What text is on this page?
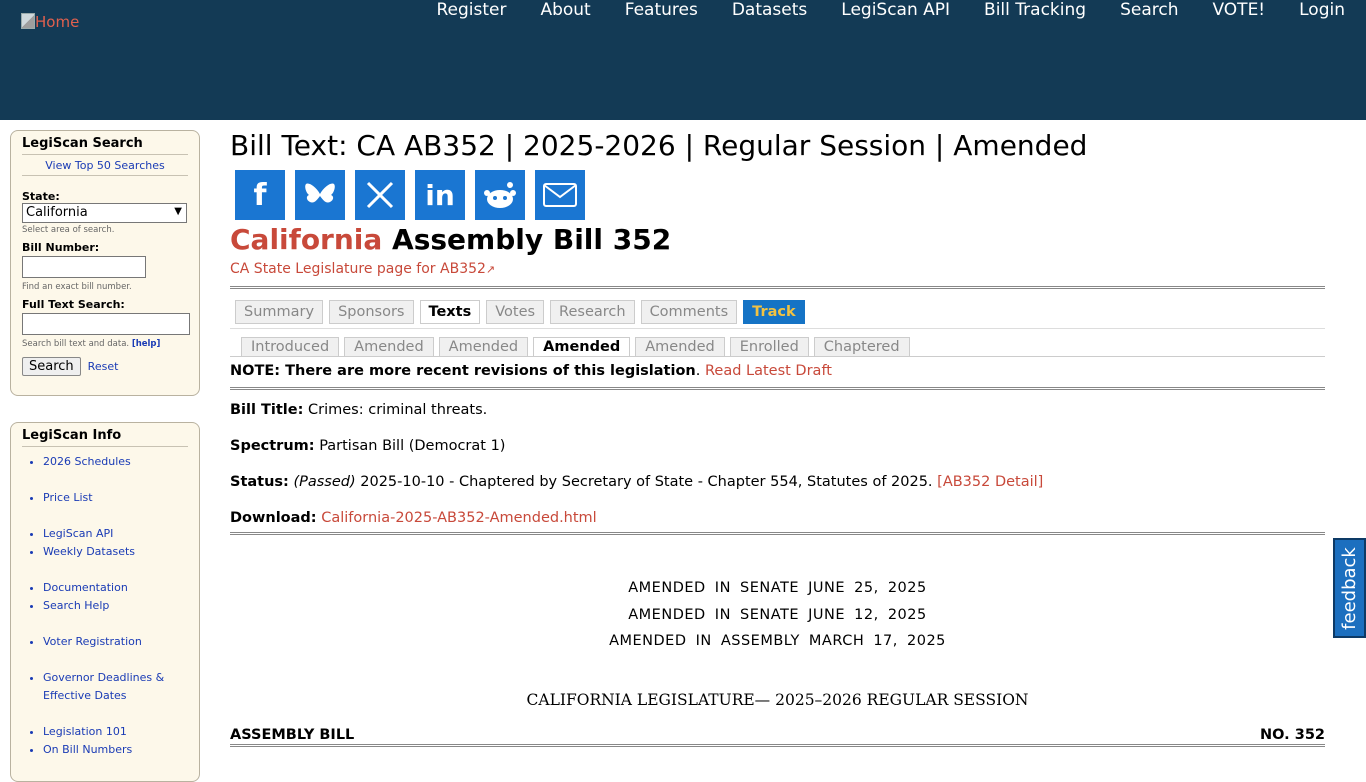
Home
Register	About	Features	Datasets	LegiScan API	Bill Tracking	Search	VOTE!	Login
LegiScan Search
View Top 50 Searches
State:
California	▼
Select area of search.
Bill Number:
Find an exact bill number.
Full Text Search:
Search bill text and data. [help]
Search	Reset
LegiScan Info
• 2026 Schedules
• Price List
• LegiScan API
• Weekly Datasets
• Documentation
• Search Help
• Voter Registration
• Governor Deadlines &
Effective Dates
• Legislation 101
• On Bill Numbers
Bill Text: CA AB352 | 2025-2026 | Regular Session | Amended
f	in
California Assembly Bill 352
CA State Legislature page for AB352↗
Summary	Sponsors	Texts	Votes	Research	Comments	Track
Introduced	Amended	Amended	Amended	Amended	Enrolled	Chaptered
NOTE: There are more recent revisions of this legislation. Read Latest Draft

Bill Title: Crimes: criminal threats.

Spectrum: Partisan Bill (Democrat 1)

Status: (Passed) 2025-10-10 - Chaptered by Secretary of State - Chapter 554, Statutes of 2025. [AB352 Detail]

Download: California-2025-AB352-Amended.html

AMENDED IN SENATE JUNE 25, 2025
AMENDED IN SENATE JUNE 12, 2025
AMENDED IN ASSEMBLY MARCH 17, 2025
CALIFORNIA LEGISLATURE— 2025–2026 REGULAR SESSION
ASSEMBLY BILL	NO. 352
feedback
